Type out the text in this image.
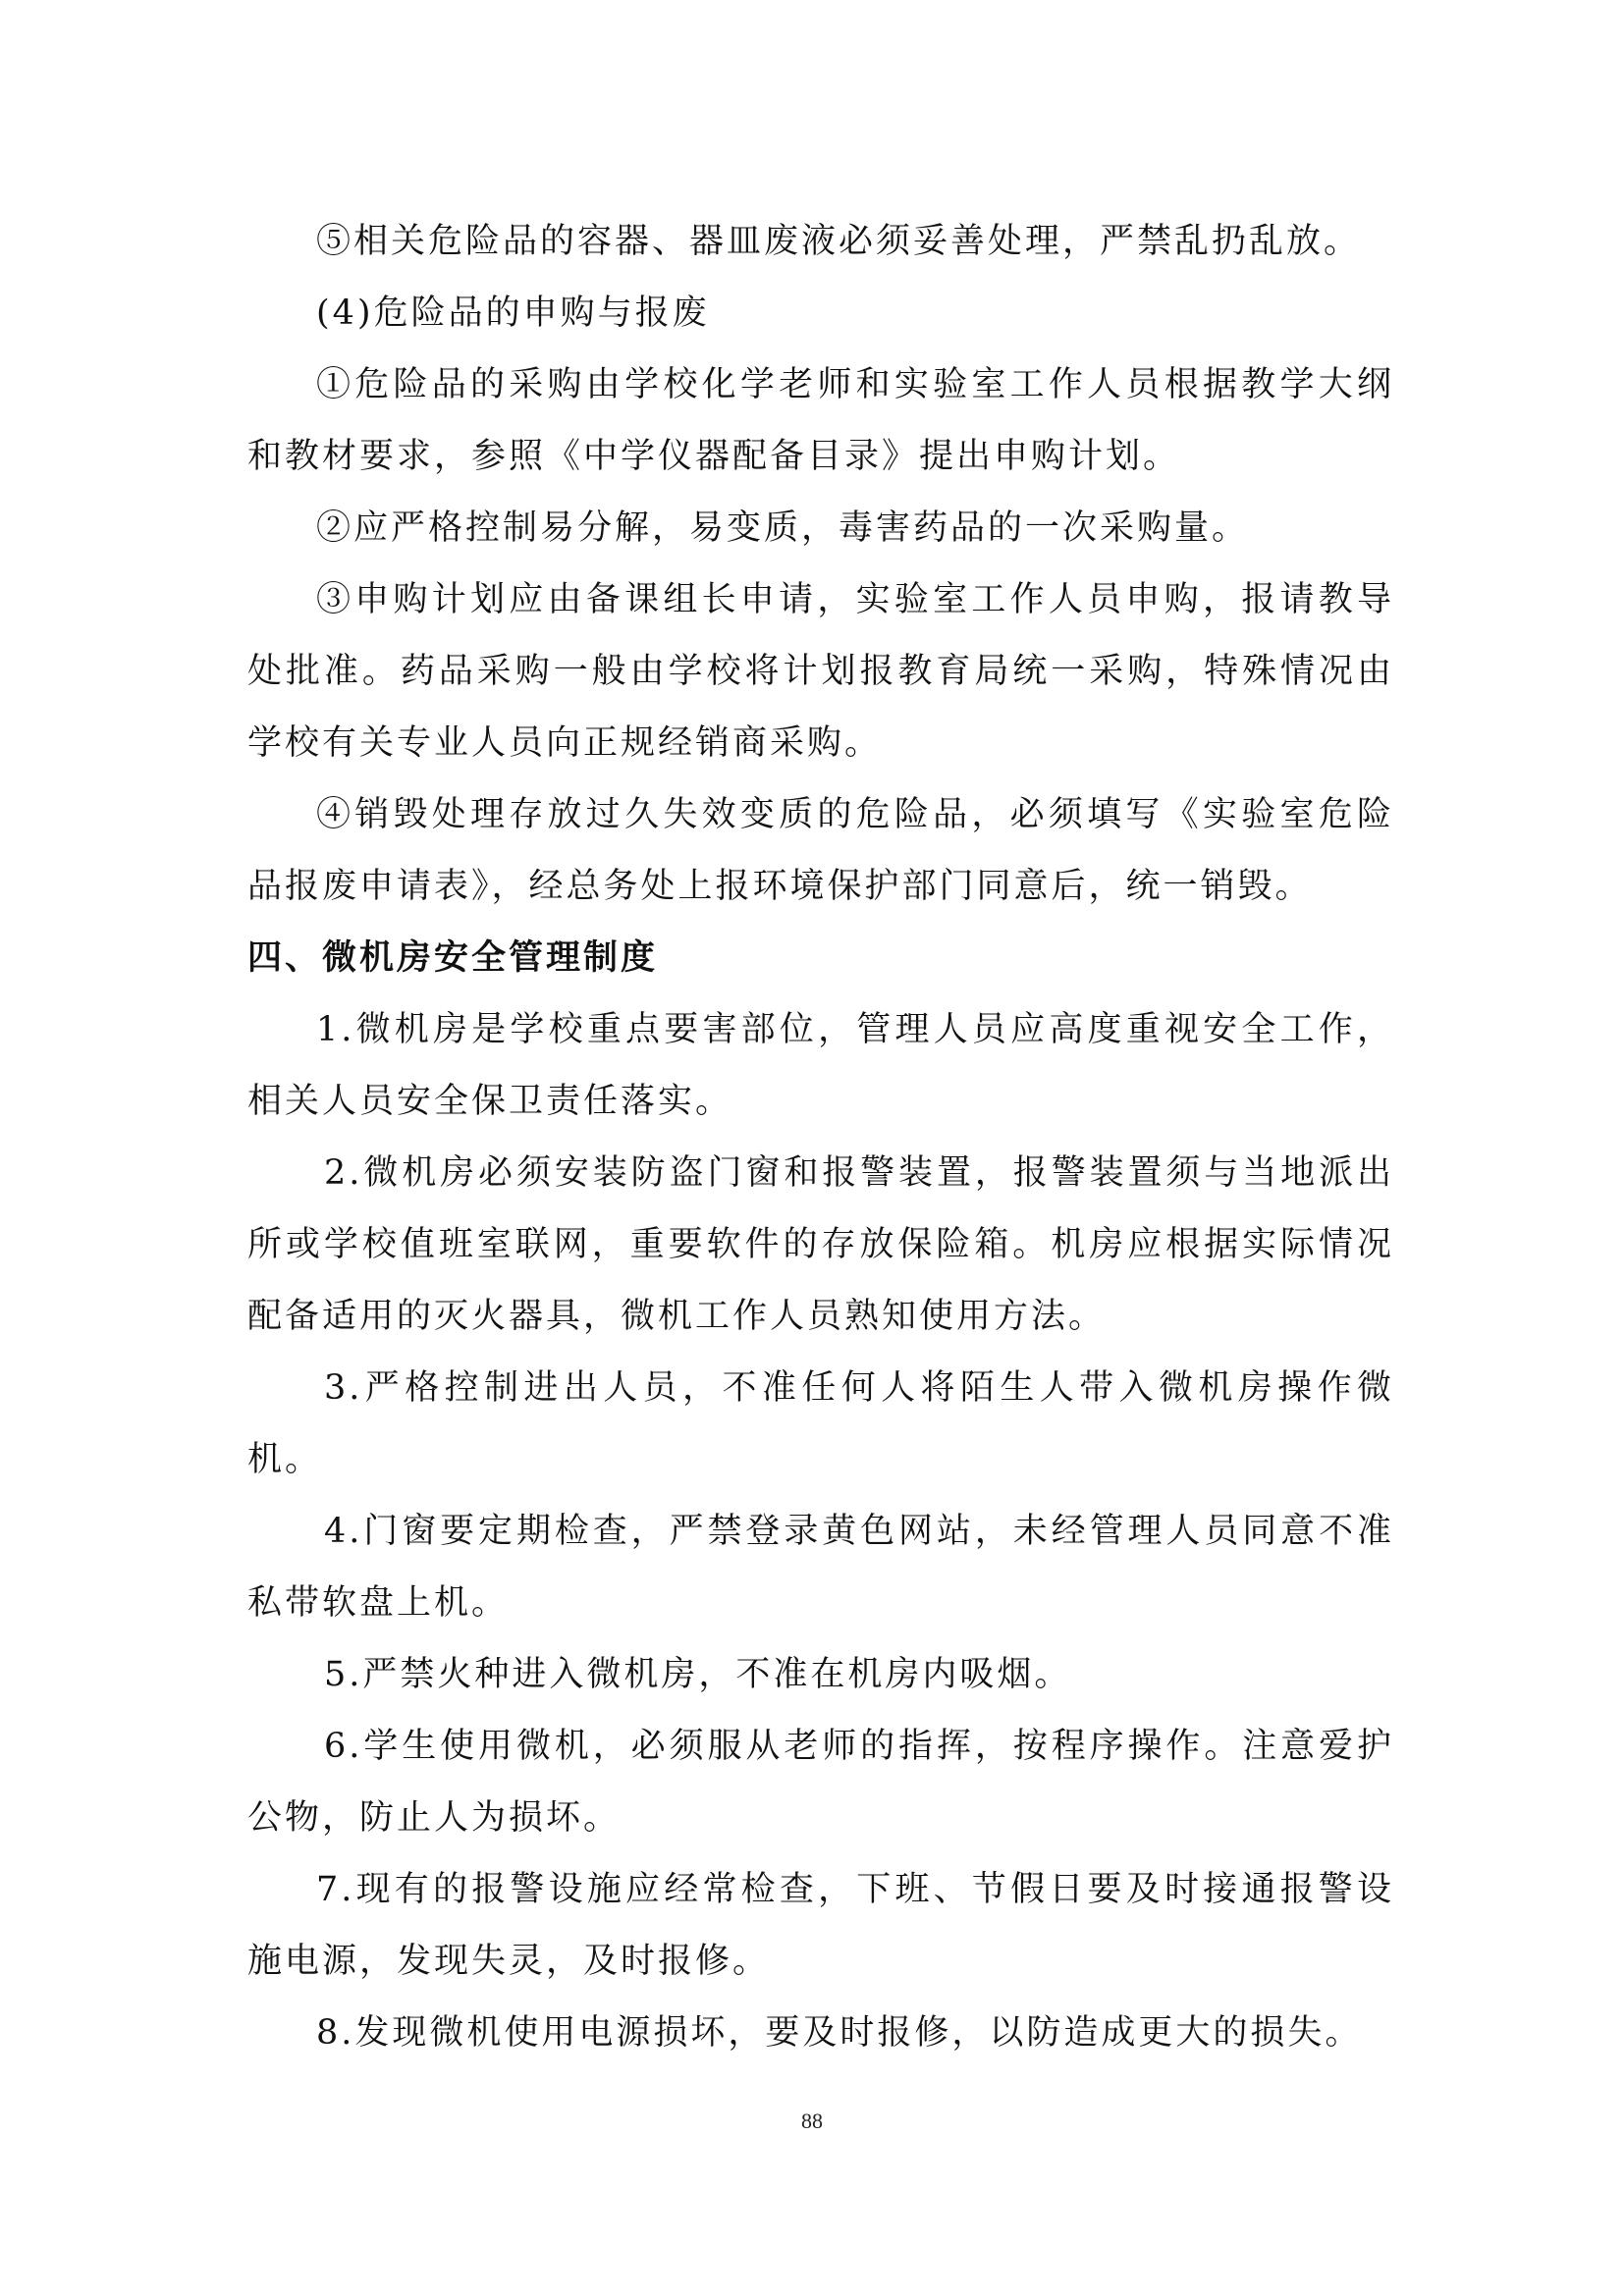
⑤相关危险品的容器、器皿废液必须妥善处理，严禁乱扔乱放。

(4)危险品的申购与报废

①危险品的采购由学校化学老师和实验室工作人员根据教学大纲和教材要求，参照《中学仪器配备目录》提出申购计划。

②应严格控制易分解，易变质，毒害药品的一次采购量。

③申购计划应由备课组长申请，实验室工作人员申购，报请教导处批准。药品采购一般由学校将计划报教育局统一采购，特殊情况由学校有关专业人员向正规经销商采购。

④销毁处理存放过久失效变质的危险品，必须填写《实验室危险品报废申请表》，经总务处上报环境保护部门同意后，统一销毁。

四、微机房安全管理制度

1.微机房是学校重点要害部位，管理人员应高度重视安全工作，相关人员安全保卫责任落实。

2.微机房必须安装防盗门窗和报警装置，报警装置须与当地派出所或学校值班室联网，重要软件的存放保险箱。机房应根据实际情况配备适用的灭火器具，微机工作人员熟知使用方法。

3.严格控制进出人员，不准任何人将陌生人带入微机房操作微机。

4.门窗要定期检查，严禁登录黄色网站，未经管理人员同意不准私带软盘上机。

5.严禁火种进入微机房，不准在机房内吸烟。

6.学生使用微机，必须服从老师的指挥，按程序操作。注意爱护公物，防止人为损坏。

7.现有的报警设施应经常检查，下班、节假日要及时接通报警设施电源，发现失灵，及时报修。

8.发现微机使用电源损坏，要及时报修，以防造成更大的损失。

88
